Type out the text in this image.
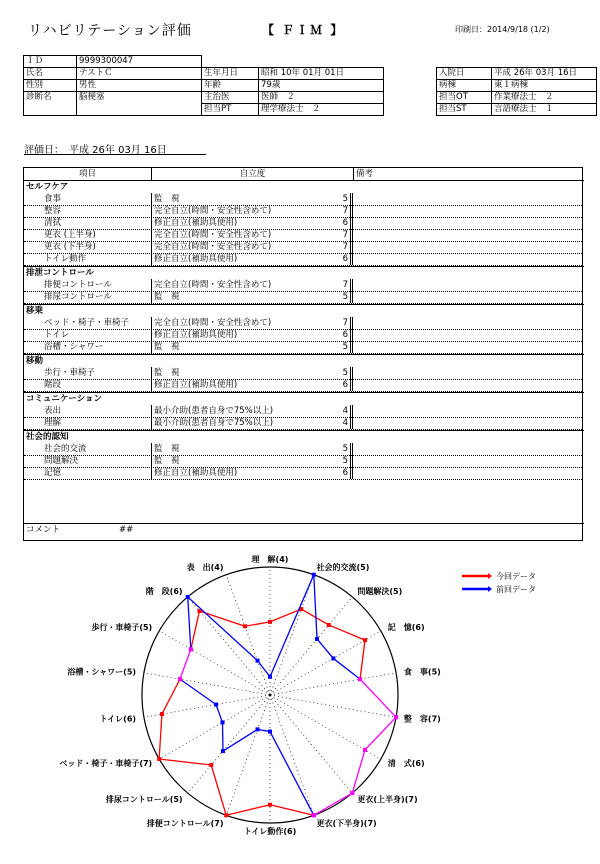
リハビリテーション評価	【 ＦＩＭ 】	印刷日：2014/9/18 (1/2)
ＩＤ	9999300047					
氏名	テストＣ	生年月日	昭和 10年 01月 01日		入院日	平成 26年 03月 16日
性別	男性	年齢	79歳		病棟	東１病棟
診断名	脳梗塞	主治医	医師　２		担当OT	作業療法士　２
		担当PT	理学療法士　２		担当ST	言語療法士　１
評価日：　平成 26年 03月 16日
項目	自立度	備考
コメント	##
セルフケア
食事	監　視	5
整容	完全自立(時間・安全性含めて)	7
清拭	修正自立(補助具使用)	6
更衣 (上半身)	完全自立(時間・安全性含めて)	7
更衣 (下半身)	完全自立(時間・安全性含めて)	7
トイレ動作	修正自立(補助具使用)	6
排泄コントロール
排便コントロール	完全自立(時間・安全性含めて)	7
排尿コントロール	監　視	5
移乗
ベッド・椅子・車椅子	完全自立(時間・安全性含めて)	7
トイレ	修正自立(補助具使用)	6
浴槽・シャワー	監　視	5
移動
歩行・車椅子	監　視	5
階段	修正自立(補助具使用)	6
コミュニケーション
表出	最小介助(患者自身で75%以上)	4
理解	最小介助(患者自身で75%以上)	4
社会的認知
社会的交流	監　視	5
問題解決	監　視	5
記憶	修正自立(補助具使用)	6
理　解(4)
社会的交流(5)
問題解決(5)
記　憶(6)
食　事(5)
整　容(7)
清　式(6)
更衣(上半身)(7)
更衣(下半身)(7)
トイレ動作(6)
排便コントロール(7)
排尿コントロール(5)
ベッド・椅子・車椅子(7)
トイレ(6)
浴槽・シャワー(5)
歩行・車椅子(5)
階　段(6)
表　出(4)
今回データ
前回データ
